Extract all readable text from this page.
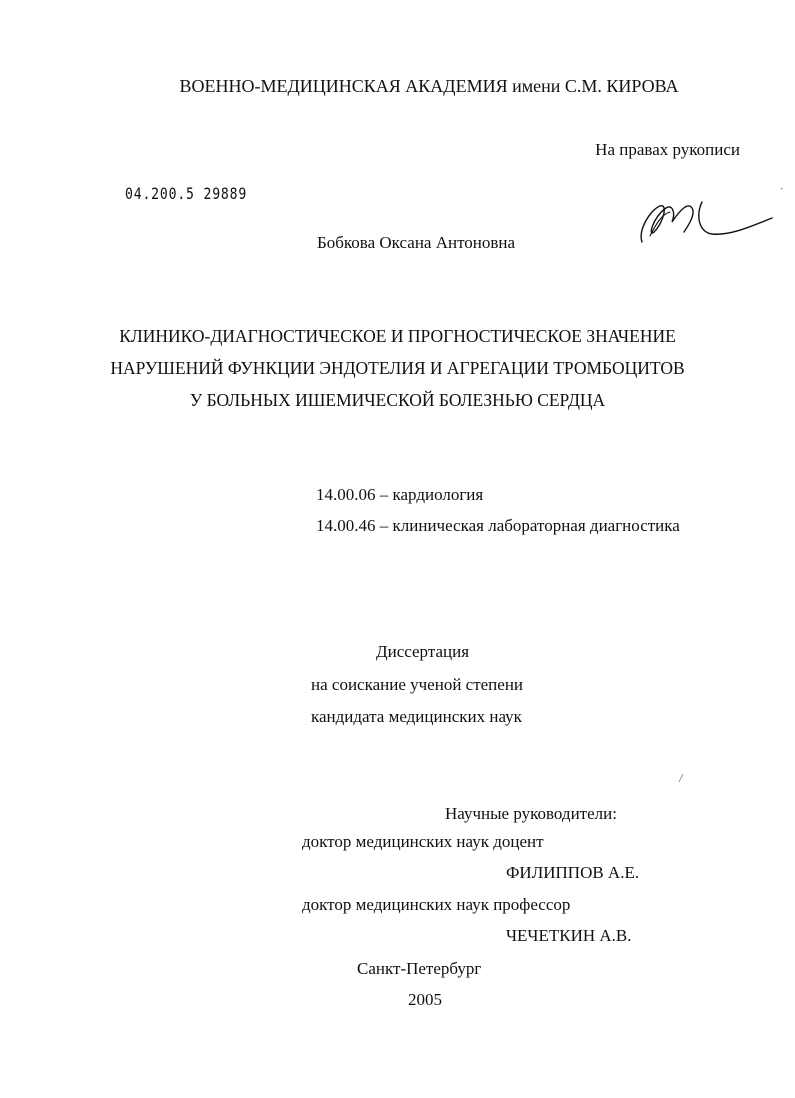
ВОЕННО-МЕДИЦИНСКАЯ АКАДЕМИЯ имени С.М. КИРОВА
На правах рукописи
04.200.5 29889
Бобкова Оксана Антоновна
КЛИНИКО-ДИАГНОСТИЧЕСКОЕ И ПРОГНОСТИЧЕСКОЕ ЗНАЧЕНИЕ
НАРУШЕНИЙ ФУНКЦИИ ЭНДОТЕЛИЯ И АГРЕГАЦИИ ТРОМБОЦИТОВ
У БОЛЬНЫХ ИШЕМИЧЕСКОЙ БОЛЕЗНЬЮ СЕРДЦА
14.00.06 – кардиология
14.00.46 – клиническая лабораторная диагностика
Диссертация
на соискание ученой степени
кандидата медицинских наук
Научные руководители:
доктор медицинских наук доцент
ФИЛИППОВ А.Е.
доктор медицинских наук профессор
ЧЕЧЕТКИН А.В.
Санкт-Петербург
2005
